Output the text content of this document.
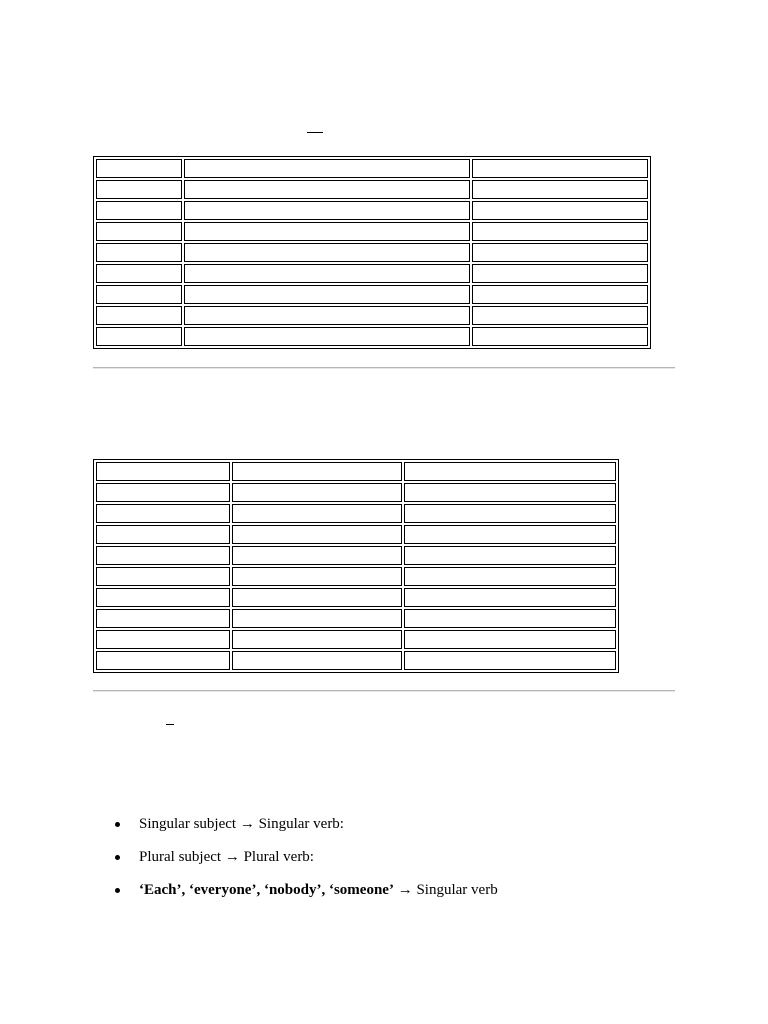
Singular subject → Singular verb:
Plural subject → Plural verb:
‘Each’, ‘everyone’, ‘nobody’, ‘someone’ → Singular verb
